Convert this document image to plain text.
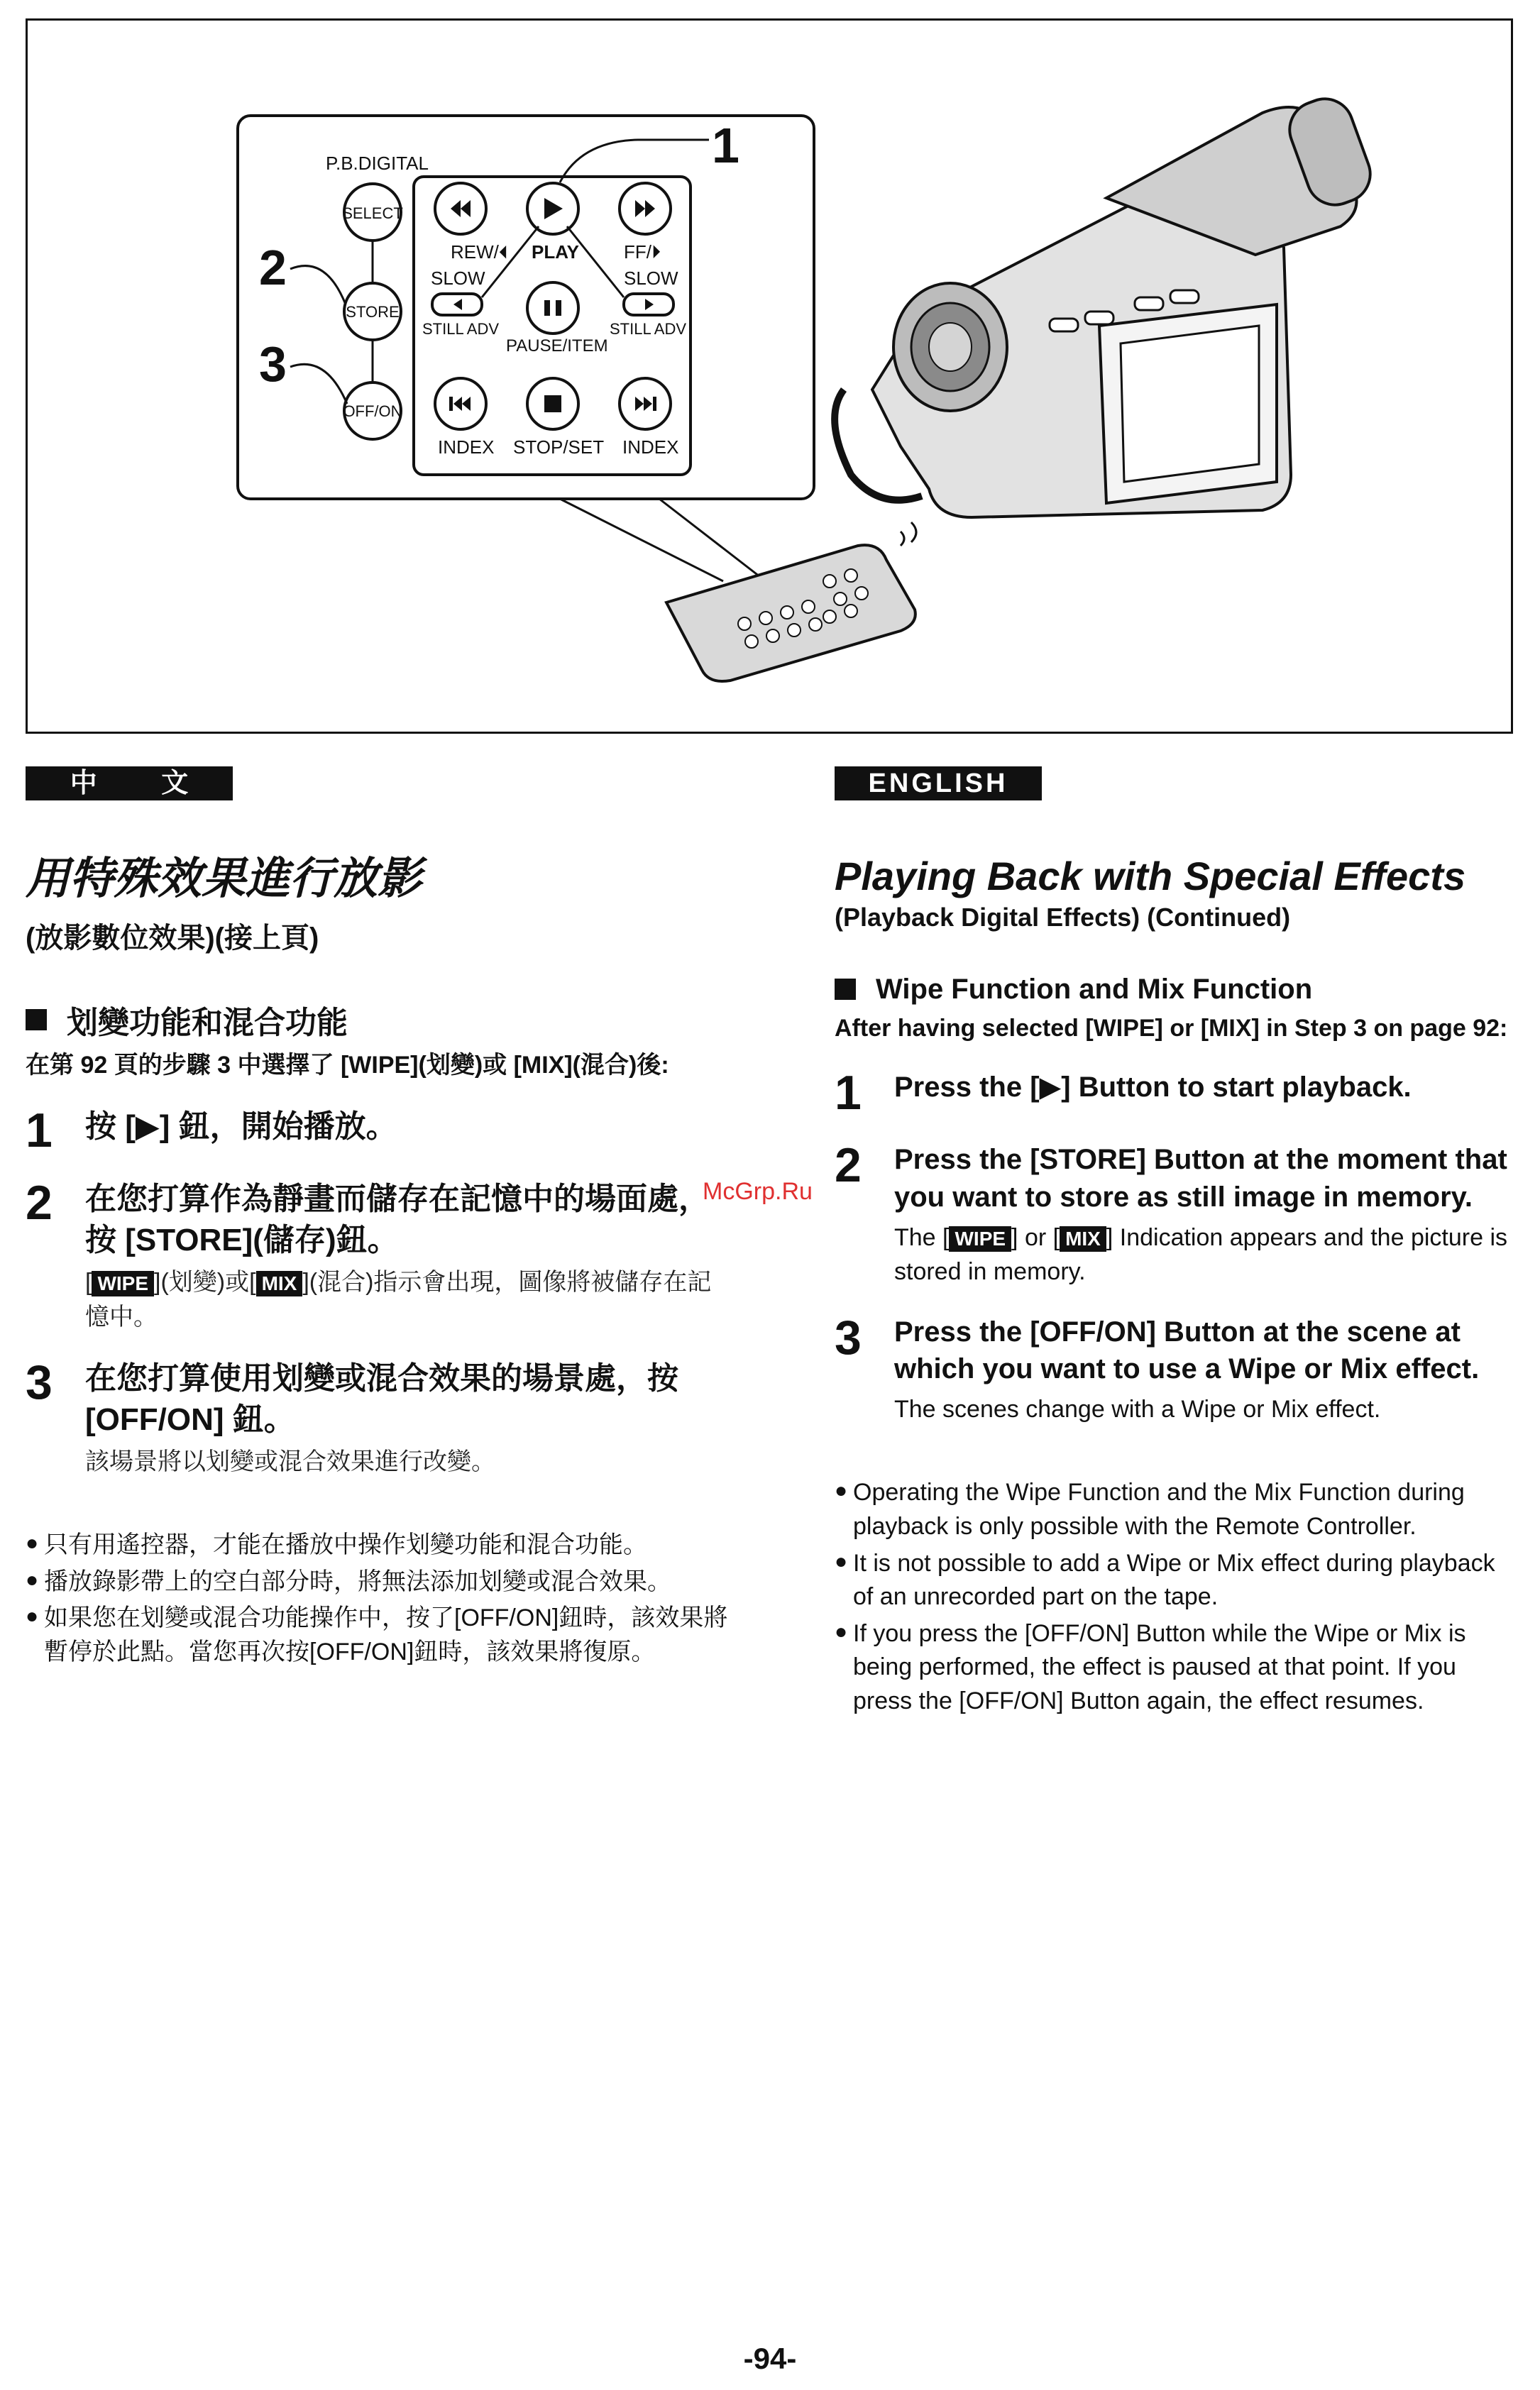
P.B.DIGITAL
SELECT
STORE
OFF/ON
REW/⏴ PLAY FF/⏵
SLOW	SLOW
STILL ADV	STILL ADV
PAUSE/ITEM
INDEX STOP/SET INDEX
1
2
3
中 文
用特殊效果進行放影
(放影數位效果)(接上頁)
划變功能和混合功能
在第 92 頁的步驟 3 中選擇了 [WIPE](划變)或 [MIX](混合)後:
1	按 [▶] 鈕，開始播放。
2	在您打算作為靜畫而儲存在記憶中的場面處，按 [STORE](儲存)鈕。
[ WIPE ](划變)或[ MIX ](混合)指示會出現，圖像將被儲存在記憶中。
3	在您打算使用划變或混合效果的場景處，按 [OFF/ON] 鈕。
該場景將以划變或混合效果進行改變。
● 只有用遙控器，才能在播放中操作划變功能和混合功能。
● 播放錄影帶上的空白部分時，將無法添加划變或混合效果。
● 如果您在划變或混合功能操作中，按了[OFF/ON]鈕時，該效果將暫停於此點。當您再次按[OFF/ON]鈕時，該效果將復原。
ENGLISH
Playing Back with Special Effects
(Playback Digital Effects) (Continued)
Wipe Function and Mix Function
After having selected [WIPE] or [MIX] in Step 3 on page 92:
1	Press the [▶] Button to start playback.
2	Press the [STORE] Button at the moment that you want to store as still image in memory.
The [ WIPE ] or [ MIX ] Indication appears and the picture is stored in memory.
3	Press the [OFF/ON] Button at the scene at which you want to use a Wipe or Mix effect.
The scenes change with a Wipe or Mix effect.
● Operating the Wipe Function and the Mix Function during playback is only possible with the Remote Controller.
● It is not possible to add a Wipe or Mix effect during playback of an unrecorded part on the tape.
● If you press the [OFF/ON] Button while the Wipe or Mix is being performed, the effect is paused at that point. If you press the [OFF/ON] Button again, the effect resumes.
McGrp.Ru
-94-
